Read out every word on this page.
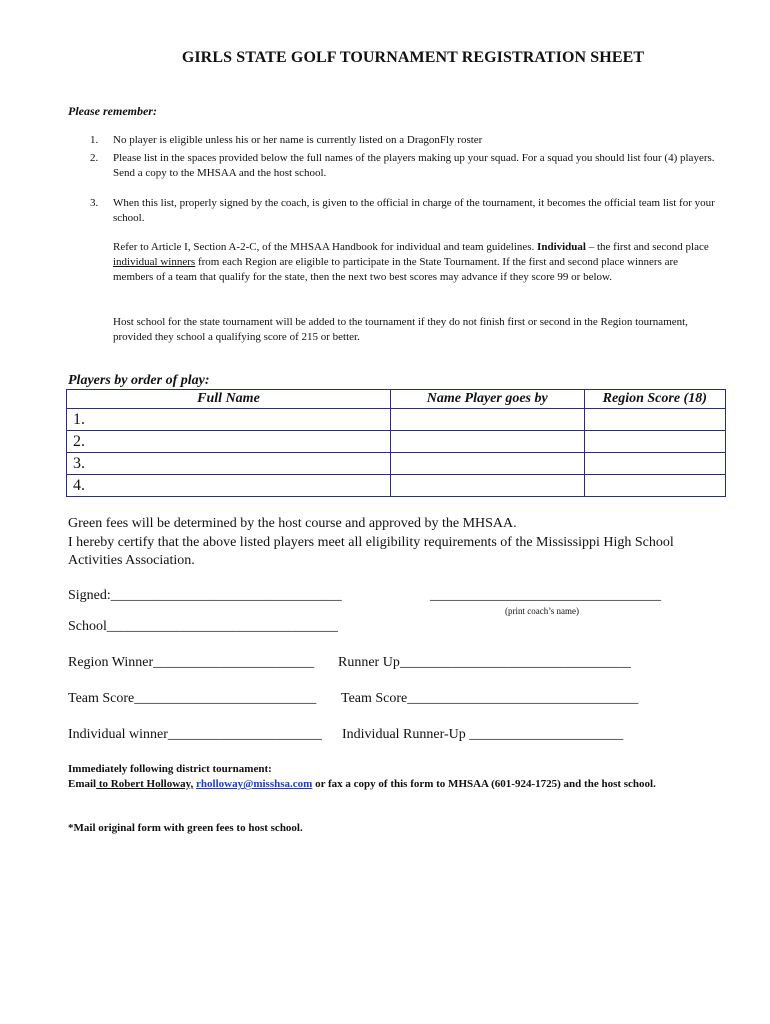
GIRLS STATE GOLF TOURNAMENT REGISTRATION SHEET
Please remember:
1. No player is eligible unless his or her name is currently listed on a DragonFly roster
2. Please list in the spaces provided below the full names of the players making up your squad. For a squad you should list four (4) players. Send a copy to the MHSAA and the host school.
3. When this list, properly signed by the coach, is given to the official in charge of the tournament, it becomes the official team list for your school.
Refer to Article I, Section A-2-C, of the MHSAA Handbook for individual and team guidelines. Individual – the first and second place individual winners from each Region are eligible to participate in the State Tournament. If the first and second place winners are members of a team that qualify for the state, then the next two best scores may advance if they score 99 or below.
Host school for the state tournament will be added to the tournament if they do not finish first or second in the Region tournament, provided they school a qualifying score of 215 or better.
Players by order of play:
Full Name	Name Player goes by	Region Score (18)
1.		
2.		
3.		
4.		
Green fees will be determined by the host course and approved by the MHSAA.
I hereby certify that the above listed players meet all eligibility requirements of the Mississippi High School Activities Association.
Signed:_________________________________	_________________________________
(print coach’s name)
School_________________________________
Region Winner_______________________ Runner Up_________________________________
Team Score__________________________ Team Score_________________________________
Individual winner______________________ Individual Runner-Up ______________________
Immediately following district tournament:
Email to Robert Holloway, rholloway@misshsa.com or fax a copy of this form to MHSAA (601-924-1725) and the host school.
*Mail original form with green fees to host school.
